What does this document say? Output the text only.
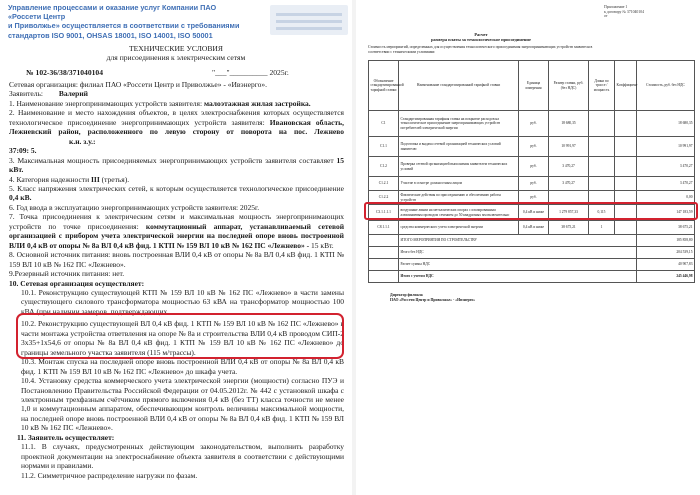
Управление процессами и оказание услуг Компании ПАО «Россети Центр
и Приволжье» осуществляется в соответствии с требованиями
стандартов ISO 9001, OHSAS 18001, ISO 14001, ISO 50001
ТЕХНИЧЕСКИЕ УСЛОВИЯ
для присоединения к электрическим сетям
№ 102-36/38/371040104	"___"__________ 2025г.

Сетевая организация: филиал ПАО «Россети Центр и Приволжье» - «Ивэнерго».

Заявитель: Валерий

1. Наименование энергопринимающих устройств заявителя: малоэтажная жилая застройка.

2. Наименование и место нахождения объектов, в целях электроснабжения которых осуществляется технологическое присоединение энергопринимающих устройств заявителя: Ивановская область, Лежневский район, расположенного по левую сторону от поворота на пос. Лежнево к.н. з.у.:

37:09: 5.

3. Максимальная мощность присоединяемых энергопринимающих устройств заявителя составляет 15 кВт.

4. Категория надежности III (третья).

5. Класс напряжения электрических сетей, к которым осуществляется технологическое присоединение 0,4 кВ.

6. Год ввода в эксплуатацию энергопринимающих устройств заявителя: 2025г.

7. Точка присоединения к электрическим сетям и максимальная мощность энергопринимающих устройств по точке присоединения: коммутационный аппарат, устанавливаемый сетевой организацией с прибором учета электрической энергии на последней опоре вновь построенной ВЛИ 0,4 кВ от опоры № 8а ВЛ 0,4 кВ фид. 1 КТП № 159 ВЛ 10 кВ № 162 ПС «Лежнево» - 15 кВт.

8. Основной источник питания: вновь построенная ВЛИ 0,4 кВ от опоры № 8а ВЛ 0,4 кВ фид. 1 КТП № 159 ВЛ 10 кВ № 162 ПС «Лежнево».

9.Резервный источник питания: нет.

10. Сетевая организация осуществляет:

10.1. Реконструкцию существующей КТП № 159 ВЛ 10 кВ № 162 ПС «Лежнево» в части замены существующего силового трансформатора мощностью 63 кВА на трансформатор мощностью 100 кВА (при наличии замеров, подтверждающих

10.2. Реконструкцию существующей ВЛ 0,4 кВ фид. 1 КТП № 159 ВЛ 10 кВ № 162 ПС «Лежнево» в части монтажа устройства ответвления на опоре № 8а и строительства ВЛИ 0,4 кВ проводом СИП-2 3х35+1х54,6 от опоры № 8а ВЛ 0,4 кВ фид. 1 КТП № 159 ВЛ 10 кВ № 162 ПС «Лежнево» до границы земельного участка заявителя (115 м/трассы).

10.3. Монтаж спуска на последней опоре вновь построенной ВЛИ 0,4 кВ от опоры № 8а ВЛ 0,4 кВ фид. 1 КТП № 159 ВЛ 10 кВ № 162 ПС «Лежнево» до шкафа учета.

10.4. Установку средства коммерческого учета электрической энергии (мощности) согласно ПУЭ и Постановлению Правительства Российской Федерации от 04.05.2012г. № 442 с установкой шкафа с электронным трехфазным счётчиком прямого включения 0,4 кВ (без ТТ) класса точности не менее 1,0 и коммутационным аппаратом, обеспечивающим контроль величины максимальной мощности, на последней опоре вновь построенной ВЛИ 0,4 кВ от опоры № 8а ВЛ 0,4 кВ фид. 1 КТП № 159 ВЛ 10 кВ № 162 ПС «Лежнево».

11. Заявитель осуществляет:

11.1. В случаях, предусмотренных действующим законодательством, выполнить разработку проектной документации на электроснабжение объекта заявителя в соответствии с действующими нормами и правилами.

11.2. Симметричное распределение нагрузки по фазам.

Приложение 1
к договору № 371040104
от
Расчет
размера платы за технологическое присоединение
Стоимость мероприятий, определенных для осуществления технологического присоединения энергопринимающих устройств заявителя в соответствии с техническими условиями:
Обозначение стандартизированной тарифной ставки	Наименование стандартизированной тарифной ставки	Единица измерения	Размер ставки, руб. (без НДС)	Длина по трассе / мощность	Коэффициент	Стоимость, руб. без НДС
С1	Стандартизированная тарифная ставка на покрытие расходов на технологическое присоединение энергопринимающих устройств потребителей электрической энергии	руб.	18 680,35			18 680,35
С1.1	Подготовка и выдача сетевой организацией технических условий заявителю	руб.	10 991,97			10 991,97
С1.2	Проверка сетевой организацией выполнения заявителем технических условий	руб.	3 470,27			3 470,27
С1.2.1	Участие в осмотре должностным лицом	руб.	3 470,27			3 470,27
С1.2.2	Фактические действия по присоединению и обеспечению работы устройств	руб.				0,00
С3.1.1.1.1	воздушные линии на металлических опорах с изолированным алюминиевым проводом сечением до 50 квадратных мм включительно	0,4 кВ и ниже	1 279 857,33	0,115		147 183,59
С8.1.1.1	средства коммерческого учета электрической энергии	0,4 кВ и ниже	38 675,21	1		38 675,21
	ИТОГО МЕРОПРИЯТИЯ ПО СТРОИТЕЛЬСТВУ					185 858,80
	Итого без НДС					204 539,15
	Расчет суммы НДС					40 907,83
	Итого с учетом НДС					245 446,98
Директор филиала
ПАО «Россети Центр и Приволжье» - «Ивэнерго»
